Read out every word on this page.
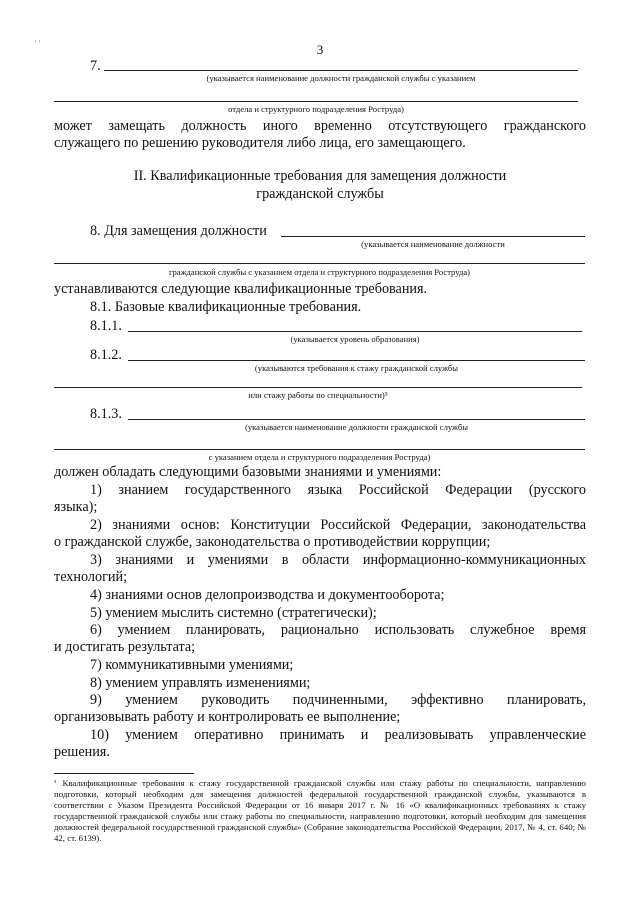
' '	3
7.
(указывается наименование должности гражданской службы с указанием
отдела и структурного подразделения Роструда)
может замещать должность иного временно отсутствующего гражданского
служащего по решению руководителя либо лица, его замещающего.
II. Квалификационные требования для замещения должности
гражданской службы
8. Для замещения должности
(указывается наименование должности
гражданской службы с указанием отдела и структурного подразделения Роструда)
устанавливаются следующие квалификационные требования.
8.1. Базовые квалификационные требования.
8.1.1.
(указывается уровень образования)
8.1.2.
(указываются требования к стажу гражданской службы
или стажу работы по специальности)⁵
8.1.3.
(указывается наименование должности гражданской службы
с указанием отдела и структурного подразделения Роструда)
должен обладать следующими базовыми знаниями и умениями:
1) знанием государственного языка Российской Федерации (русского
языка);
2) знаниями основ: Конституции Российской Федерации, законодательства
о гражданской службе, законодательства о противодействии коррупции;
3) знаниями и умениями в области информационно-коммуникационных
технологий;
4) знаниями основ делопроизводства и документооборота;
5) умением мыслить системно (стратегически);
6) умением планировать, рационально использовать служебное время
и достигать результата;
7) коммуникативными умениями;
8) умением управлять изменениями;
9) умением руководить подчиненными, эффективно планировать,
организовывать работу и контролировать ее выполнение;
10) умением оперативно принимать и реализовывать управленческие
решения.
$^{^5}$ Квалификационные требования к стажу государственной гражданской службы или стажу работы по специальности, направлению подготовки, который необходим для замещения должностей федеральной государственной гражданской службы, указываются в соответствии с Указом Президента Российской Федерации от 16 января 2017 г. № 16 «О квалификационных требованиях к стажу государственной гражданской службы или стажу работы по специальности, направлению подготовки, который необходим для замещения должностей федеральной государственной гражданской службы» (Собрание законодательства Российской Федерации, 2017, № 4, ст. 640; № 42, ст. 6139).
